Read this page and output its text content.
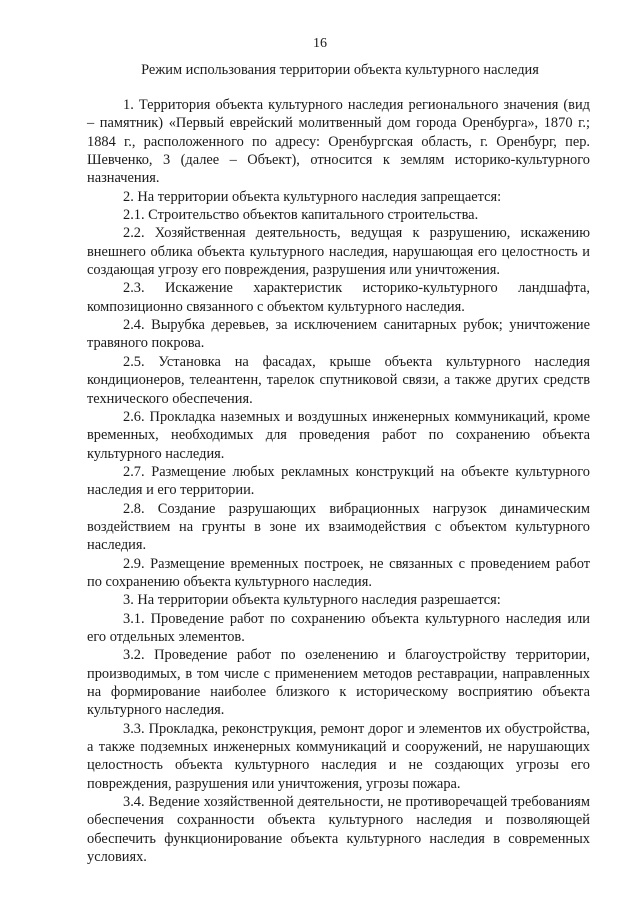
16
Режим использования территории объекта культурного наследия

1. Территория объекта культурного наследия регионального значения (вид – памятник) «Первый еврейский молитвенный дом города Оренбурга», 1870 г.; 1884 г., расположенного по адресу: Оренбургская область, г. Оренбург, пер. Шевченко, 3 (далее – Объект), относится к землям историко-культурного назначения.

2. На территории объекта культурного наследия запрещается:

2.1. Строительство объектов капитального строительства.

2.2. Хозяйственная деятельность, ведущая к разрушению, искажению внешнего облика объекта культурного наследия, нарушающая его целостность и создающая угрозу его повреждения, разрушения или уничтожения.

2.3. Искажение характеристик историко-культурного ландшафта, композиционно связанного с объектом культурного наследия.

2.4. Вырубка деревьев, за исключением санитарных рубок; уничтожение травяного покрова.

2.5. Установка на фасадах, крыше объекта культурного наследия кондиционеров, телеантенн, тарелок спутниковой связи, а также других средств технического обеспечения.

2.6. Прокладка наземных и воздушных инженерных коммуникаций, кроме временных, необходимых для проведения работ по сохранению объекта культурного наследия.

2.7. Размещение любых рекламных конструкций на объекте культурного наследия и его территории.

2.8. Создание разрушающих вибрационных нагрузок динамическим воздействием на грунты в зоне их взаимодействия с объектом культурного наследия.

2.9. Размещение временных построек, не связанных с проведением работ по сохранению объекта культурного наследия.

3. На территории объекта культурного наследия разрешается:

3.1. Проведение работ по сохранению объекта культурного наследия или его отдельных элементов.

3.2. Проведение работ по озеленению и благоустройству территории, производимых, в том числе с применением методов реставрации, направленных на формирование наиболее близкого к историческому восприятию объекта культурного наследия.

3.3. Прокладка, реконструкция, ремонт дорог и элементов их обустройства, а также подземных инженерных коммуникаций и сооружений, не нарушающих целостность объекта культурного наследия и не создающих угрозы его повреждения, разрушения или уничтожения, угрозы пожара.

3.4. Ведение хозяйственной деятельности, не противоречащей требованиям обеспечения сохранности объекта культурного наследия и позволяющей обеспечить функционирование объекта культурного наследия в современных условиях.
